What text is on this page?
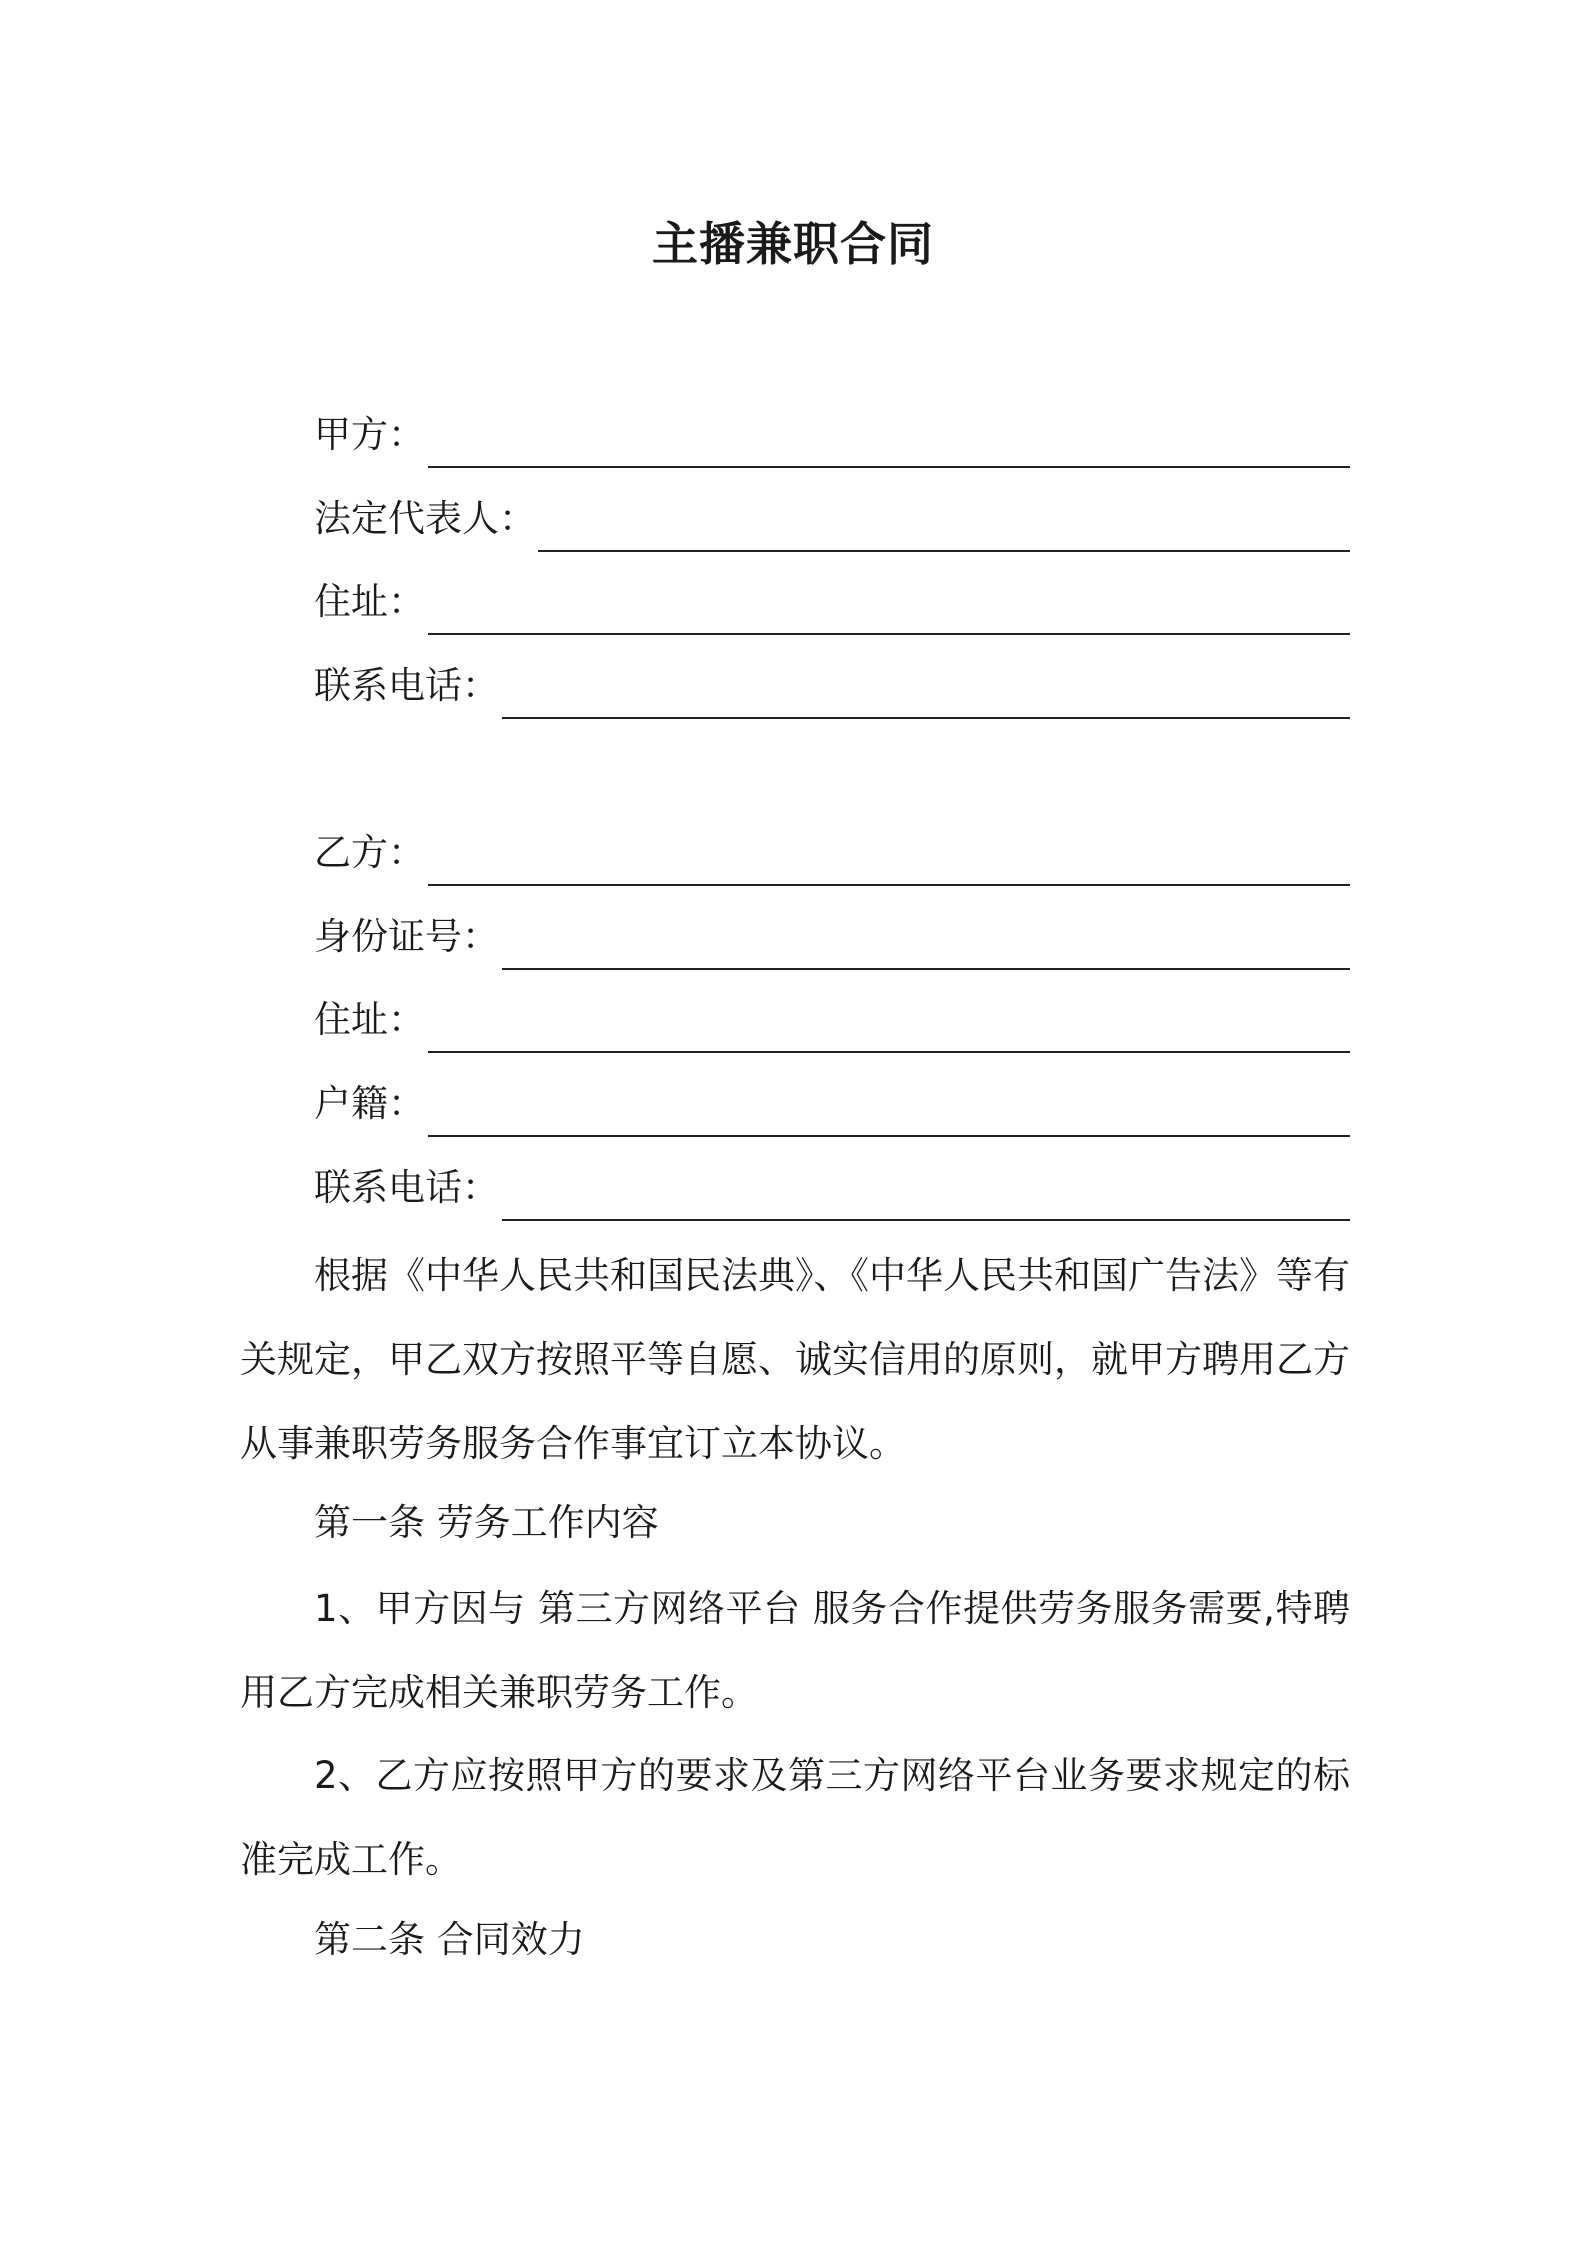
主播兼职合同
甲方：
法定代表人：
住址：
联系电话：
乙方：
身份证号：
住址：
户籍：
联系电话：

根据《中华人民共和国民法典》、《中华人民共和国广告法》等有关规定，甲乙双方按照平等自愿、诚实信用的原则，就甲方聘用乙方从事兼职劳务服务合作事宜订立本协议。

第一条 劳务工作内容

1、甲方因与 第三方网络平台 服务合作提供劳务服务需要,特聘用乙方完成相关兼职劳务工作。

2、乙方应按照甲方的要求及第三方网络平台业务要求规定的标准完成工作。

第二条 合同效力
